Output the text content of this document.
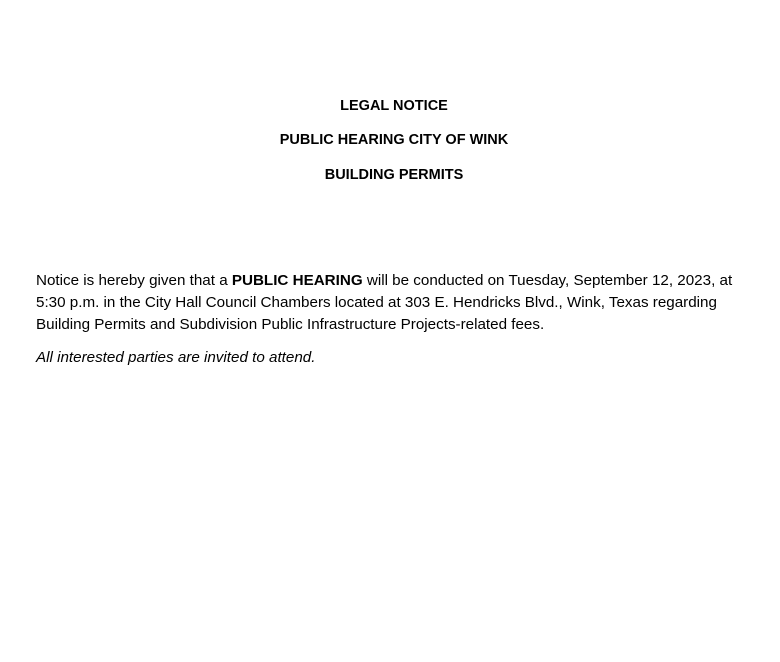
LEGAL NOTICE
PUBLIC HEARING CITY OF WINK
BUILDING PERMITS

Notice is hereby given that a PUBLIC HEARING will be conducted on Tuesday, September 12, 2023, at 5:30 p.m. in the City Hall Council Chambers located at 303 E. Hendricks Blvd., Wink, Texas regarding Building Permits and Subdivision Public Infrastructure Projects-related fees.

All interested parties are invited to attend.
